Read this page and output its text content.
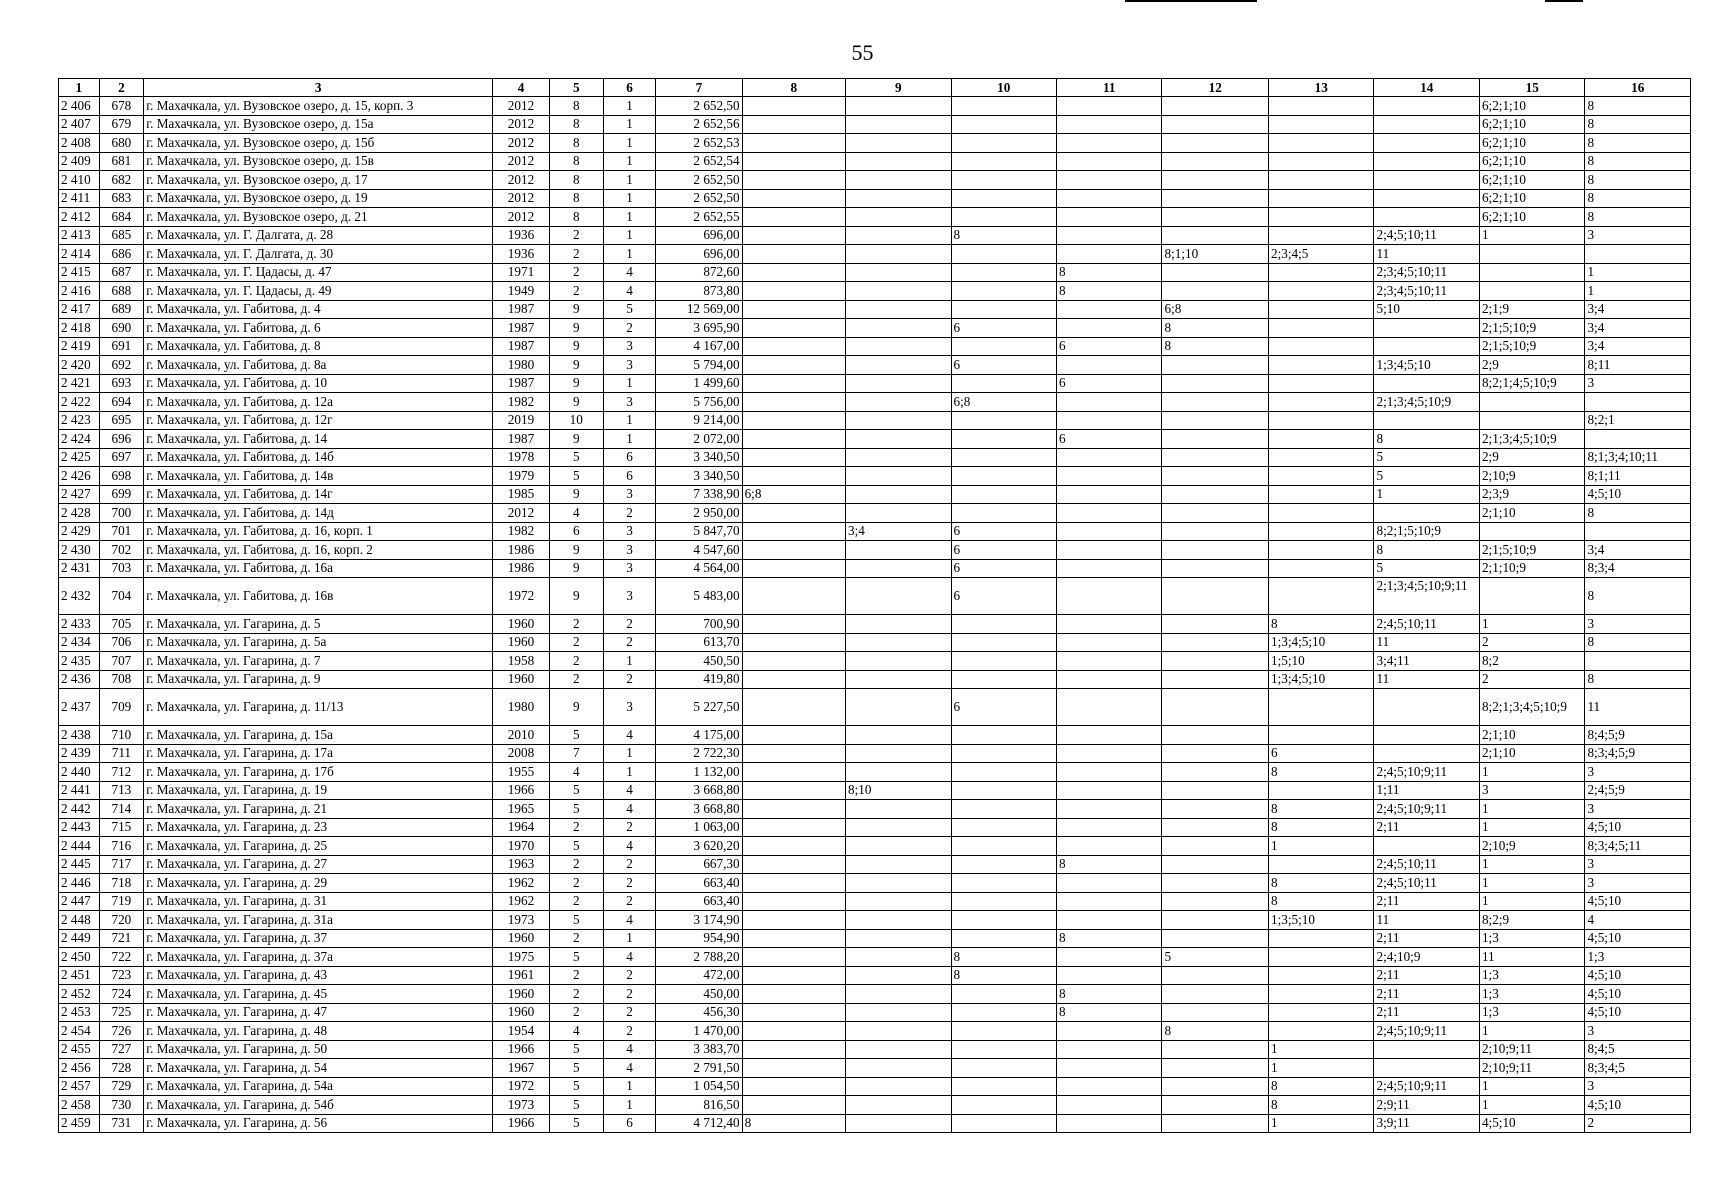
55
1	2	3	4	5	6	7	8	9	10	11	12	13	14	15	16
2 406	678	г. Махачкала, ул. Вузовское озеро, д. 15, корп. 3	2012	8	1	2 652,50								6;2;1;10	8
2 407	679	г. Махачкала, ул. Вузовское озеро, д. 15а	2012	8	1	2 652,56								6;2;1;10	8
2 408	680	г. Махачкала, ул. Вузовское озеро, д. 15б	2012	8	1	2 652,53								6;2;1;10	8
2 409	681	г. Махачкала, ул. Вузовское озеро, д. 15в	2012	8	1	2 652,54								6;2;1;10	8
2 410	682	г. Махачкала, ул. Вузовское озеро, д. 17	2012	8	1	2 652,50								6;2;1;10	8
2 411	683	г. Махачкала, ул. Вузовское озеро, д. 19	2012	8	1	2 652,50								6;2;1;10	8
2 412	684	г. Махачкала, ул. Вузовское озеро, д. 21	2012	8	1	2 652,55								6;2;1;10	8
2 413	685	г. Махачкала, ул. Г. Далгата, д. 28	1936	2	1	696,00			8				2;4;5;10;11	1	3
2 414	686	г. Махачкала, ул. Г. Далгата, д. 30	1936	2	1	696,00					8;1;10	2;3;4;5	11		
2 415	687	г. Махачкала, ул. Г. Цадасы, д. 47	1971	2	4	872,60				8			2;3;4;5;10;11		1
2 416	688	г. Махачкала, ул. Г. Цадасы, д. 49	1949	2	4	873,80				8			2;3;4;5;10;11		1
2 417	689	г. Махачкала, ул. Габитова, д. 4	1987	9	5	12 569,00					6;8		5;10	2;1;9	3;4
2 418	690	г. Махачкала, ул. Габитова, д. 6	1987	9	2	3 695,90			6		8			2;1;5;10;9	3;4
2 419	691	г. Махачкала, ул. Габитова, д. 8	1987	9	3	4 167,00				6	8			2;1;5;10;9	3;4
2 420	692	г. Махачкала, ул. Габитова, д. 8а	1980	9	3	5 794,00			6				1;3;4;5;10	2;9	8;11
2 421	693	г. Махачкала, ул. Габитова, д. 10	1987	9	1	1 499,60				6				8;2;1;4;5;10;9	3
2 422	694	г. Махачкала, ул. Габитова, д. 12а	1982	9	3	5 756,00			6;8				2;1;3;4;5;10;9		
2 423	695	г. Махачкала, ул. Габитова, д. 12г	2019	10	1	9 214,00									8;2;1
2 424	696	г. Махачкала, ул. Габитова, д. 14	1987	9	1	2 072,00				6			8	2;1;3;4;5;10;9	
2 425	697	г. Махачкала, ул. Габитова, д. 14б	1978	5	6	3 340,50							5	2;9	8;1;3;4;10;11
2 426	698	г. Махачкала, ул. Габитова, д. 14в	1979	5	6	3 340,50							5	2;10;9	8;1;11
2 427	699	г. Махачкала, ул. Габитова, д. 14г	1985	9	3	7 338,90	6;8						1	2;3;9	4;5;10
2 428	700	г. Махачкала, ул. Габитова, д. 14д	2012	4	2	2 950,00								2;1;10	8
2 429	701	г. Махачкала, ул. Габитова, д. 16, корп. 1	1982	6	3	5 847,70		3;4	6				8;2;1;5;10;9		
2 430	702	г. Махачкала, ул. Габитова, д. 16, корп. 2	1986	9	3	4 547,60			6				8	2;1;5;10;9	3;4
2 431	703	г. Махачкала, ул. Габитова, д. 16а	1986	9	3	4 564,00			6				5	2;1;10;9	8;3;4
2 432	704	г. Махачкала, ул. Габитова, д. 16в	1972	9	3	5 483,00			6				2;1;3;4;5;10;9;11		8
2 433	705	г. Махачкала, ул. Гагарина, д. 5	1960	2	2	700,90						8	2;4;5;10;11	1	3
2 434	706	г. Махачкала, ул. Гагарина, д. 5а	1960	2	2	613,70						1;3;4;5;10	11	2	8
2 435	707	г. Махачкала, ул. Гагарина, д. 7	1958	2	1	450,50						1;5;10	3;4;11	8;2	
2 436	708	г. Махачкала, ул. Гагарина, д. 9	1960	2	2	419,80						1;3;4;5;10	11	2	8
2 437	709	г. Махачкала, ул. Гагарина, д. 11/13	1980	9	3	5 227,50			6					8;2;1;3;4;5;10;9	11
2 438	710	г. Махачкала, ул. Гагарина, д. 15а	2010	5	4	4 175,00								2;1;10	8;4;5;9
2 439	711	г. Махачкала, ул. Гагарина, д. 17а	2008	7	1	2 722,30						6		2;1;10	8;3;4;5;9
2 440	712	г. Махачкала, ул. Гагарина, д. 17б	1955	4	1	1 132,00						8	2;4;5;10;9;11	1	3
2 441	713	г. Махачкала, ул. Гагарина, д. 19	1966	5	4	3 668,80		8;10					1;11	3	2;4;5;9
2 442	714	г. Махачкала, ул. Гагарина, д. 21	1965	5	4	3 668,80						8	2;4;5;10;9;11	1	3
2 443	715	г. Махачкала, ул. Гагарина, д. 23	1964	2	2	1 063,00						8	2;11	1	4;5;10
2 444	716	г. Махачкала, ул. Гагарина, д. 25	1970	5	4	3 620,20						1		2;10;9	8;3;4;5;11
2 445	717	г. Махачкала, ул. Гагарина, д. 27	1963	2	2	667,30				8			2;4;5;10;11	1	3
2 446	718	г. Махачкала, ул. Гагарина, д. 29	1962	2	2	663,40						8	2;4;5;10;11	1	3
2 447	719	г. Махачкала, ул. Гагарина, д. 31	1962	2	2	663,40						8	2;11	1	4;5;10
2 448	720	г. Махачкала, ул. Гагарина, д. 31а	1973	5	4	3 174,90						1;3;5;10	11	8;2;9	4
2 449	721	г. Махачкала, ул. Гагарина, д. 37	1960	2	1	954,90				8			2;11	1;3	4;5;10
2 450	722	г. Махачкала, ул. Гагарина, д. 37а	1975	5	4	2 788,20			8		5		2;4;10;9	11	1;3
2 451	723	г. Махачкала, ул. Гагарина, д. 43	1961	2	2	472,00			8				2;11	1;3	4;5;10
2 452	724	г. Махачкала, ул. Гагарина, д. 45	1960	2	2	450,00				8			2;11	1;3	4;5;10
2 453	725	г. Махачкала, ул. Гагарина, д. 47	1960	2	2	456,30				8			2;11	1;3	4;5;10
2 454	726	г. Махачкала, ул. Гагарина, д. 48	1954	4	2	1 470,00					8		2;4;5;10;9;11	1	3
2 455	727	г. Махачкала, ул. Гагарина, д. 50	1966	5	4	3 383,70						1		2;10;9;11	8;4;5
2 456	728	г. Махачкала, ул. Гагарина, д. 54	1967	5	4	2 791,50						1		2;10;9;11	8;3;4;5
2 457	729	г. Махачкала, ул. Гагарина, д. 54а	1972	5	1	1 054,50						8	2;4;5;10;9;11	1	3
2 458	730	г. Махачкала, ул. Гагарина, д. 54б	1973	5	1	816,50						8	2;9;11	1	4;5;10
2 459	731	г. Махачкала, ул. Гагарина, д. 56	1966	5	6	4 712,40	8					1	3;9;11	4;5;10	2
